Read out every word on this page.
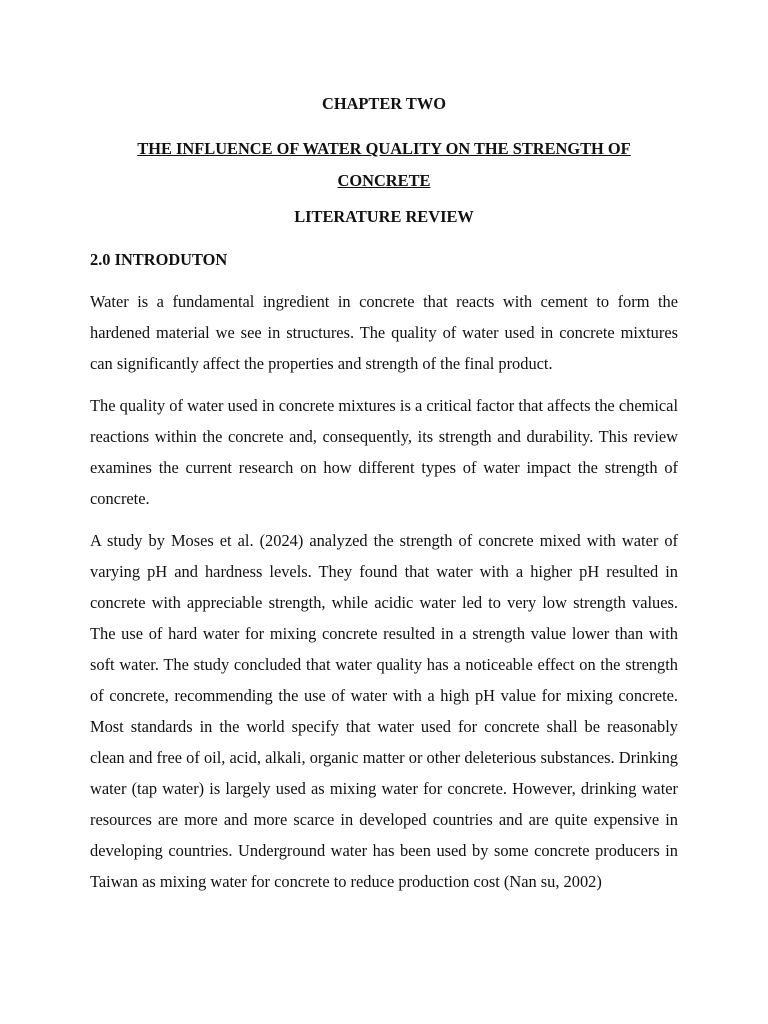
CHAPTER TWO
THE INFLUENCE OF WATER QUALITY ON THE STRENGTH OF CONCRETE
LITERATURE REVIEW
2.0 INTRODUTON

Water is a fundamental ingredient in concrete that reacts with cement to form the hardened material we see in structures. The quality of water used in concrete mixtures can significantly affect the properties and strength of the final product.

The quality of water used in concrete mixtures is a critical factor that affects the chemical reactions within the concrete and, consequently, its strength and durability. This review examines the current research on how different types of water impact the strength of concrete.

A study by Moses et al. (2024) analyzed the strength of concrete mixed with water of varying pH and hardness levels. They found that water with a higher pH resulted in concrete with appreciable strength, while acidic water led to very low strength values. The use of hard water for mixing concrete resulted in a strength value lower than with soft water. The study concluded that water quality has a noticeable effect on the strength of concrete, recommending the use of water with a high pH value for mixing concrete. Most standards in the world specify that water used for concrete shall be reasonably clean and free of oil, acid, alkali, organic matter or other deleterious substances. Drinking water (tap water) is largely used as mixing water for concrete. However, drinking water resources are more and more scarce in developed countries and are quite expensive in developing countries. Underground water has been used by some concrete producers in Taiwan as mixing water for concrete to reduce production cost (Nan su, 2002)
